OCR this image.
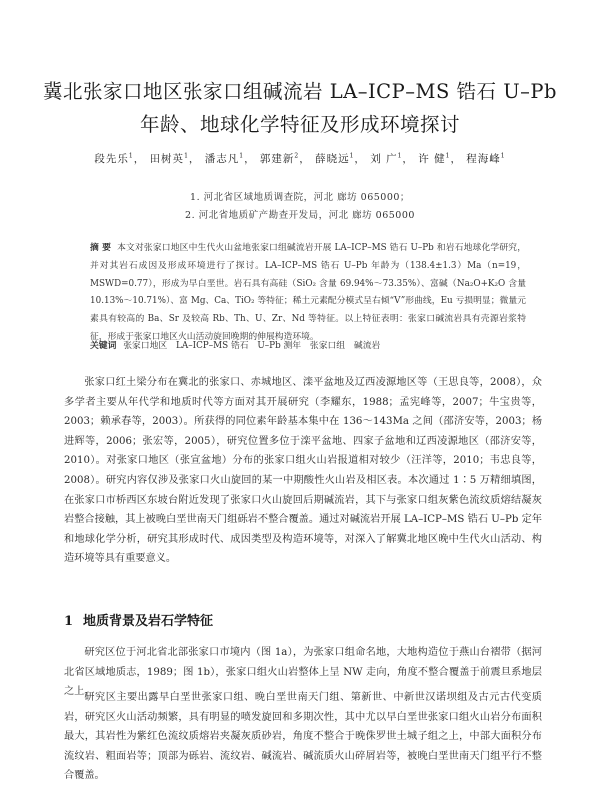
冀北张家口地区张家口组碱流岩 LA–ICP–MS 锆石 U–Pb
年龄、地球化学特征及形成环境探讨
段先乐$^1$， 田树英$^1$， 潘志凡$^1$， 郭建新$^2$， 薛晓远$^1$， 刘 广$^1$， 许 健$^1$， 程海峰$^1$
1. 河北省区域地质调查院，河北 廊坊 065000；
2. 河北省地质矿产勘查开发局，河北 廊坊 065000
摘 要 本文对张家口地区中生代火山盆地张家口组碱流岩开展 LA–ICP–MS 锆石 U–Pb 和岩石地球化学研究，并对其岩石成因及形成环境进行了探讨。LA–ICP–MS 锆石 U–Pb 年龄为（138.4±1.3）Ma（n=19，MSWD=0.77），形成为早白垩世。岩石具有高硅（SiO₂ 含量 69.94%～73.35%）、富碱（Na₂O+K₂O 含量 10.13%～10.71%）、富 Mg、Ca、TiO₂ 等特征；稀土元素配分模式呈右倾“V”形曲线，Eu 亏损明显；微量元素具有较高的 Ba、Sr 及较高 Rb、Th、U、Zr、Nd 等特征。以上特征表明：张家口碱流岩具有壳源岩浆特征，形成于张家口地区火山活动旋回晚期的伸展构造环境。
关键词 张家口地区 LA–ICP–MS 锆石 U–Pb 测年 张家口组 碱流岩
张家口红土梁分布在冀北的张家口、赤城地区、滦平盆地及辽西凌源地区等（王思良等，2008），众多学者主要从年代学和地质时代等方面对其开展研究（李耀东，1988；孟宪峰等，2007；牛宝贵等，2003；赖承春等，2003）。所获得的同位素年龄基本集中在 136～143Ma 之间（邵济安等，2003；杨进辉等，2006；张宏等，2005），研究位置多位于滦平盆地、四家子盆地和辽西凌源地区（邵济安等，2010）。对张家口地区（张宣盆地）分布的张家口组火山岩报道相对较少（汪洋等，2010；韦忠良等，2008）。研究内容仅涉及张家口火山旋回的某一中期酸性火山岩及相区表。本次通过 1∶5 万精细填图，在张家口市桥西区东坡台附近发现了张家口火山旋回后期碱流岩，其下与张家口组灰紫色流纹质熔结凝灰岩整合接触，其上被晚白垩世南天门组砾岩不整合覆盖。通过对碱流岩开展 LA–ICP–MS 锆石 U–Pb 定年和地球化学分析，研究其形成时代、成因类型及构造环境等，对深入了解冀北地区晚中生代火山活动、构造环境等具有重要意义。
1 地质背景及岩石学特征
研究区位于河北省北部张家口市境内（图 1a），为张家口组命名地，大地构造位于燕山台褶带（据河北省区域地质志，1989；图 1b），张家口组火山岩整体上呈 NW 走向，角度不整合覆盖于前震旦系地层之上。
研究区主要出露早白垩世张家口组、晚白垩世南天门组、第新世、中新世汉诺坝组及古元古代变质岩，研究区火山活动频繁，具有明显的喷发旋回和多期次性，其中尤以早白垩世张家口组火山岩分布面积最大，其岩性为紫红色流纹质熔岩夹凝灰质砂岩，角度不整合于晚侏罗世土城子组之上，中部大面积分布流纹岩、粗面岩等；顶部为砾岩、流纹岩、碱流岩、碱流质火山碎屑岩等，被晚白垩世南天门组平行不整合覆盖。
